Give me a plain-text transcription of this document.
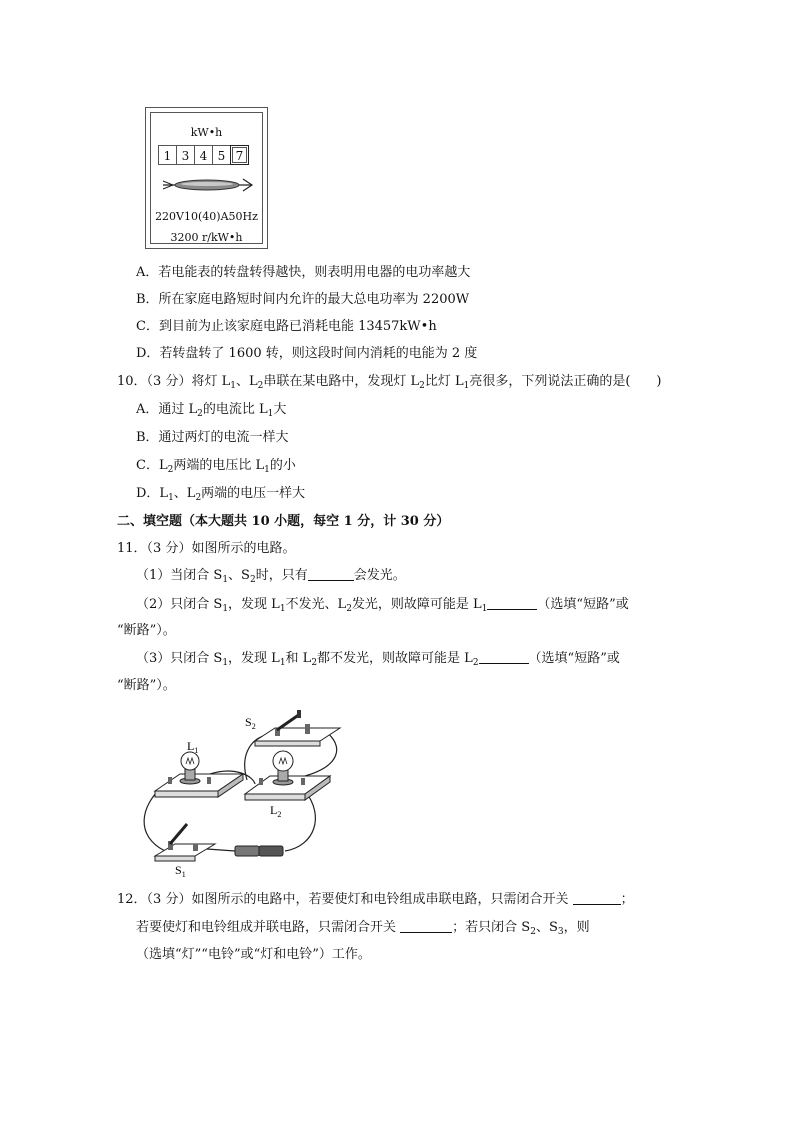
kW•h
1 3 4 5 7
220V10(40)A50Hz
3200 r/kW•h
A．若电能表的转盘转得越快，则表明用电器的电功率越大
B．所在家庭电路短时间内允许的最大总电功率为 2200W
C．到目前为止该家庭电路已消耗电能 13457kW•h
D．若转盘转了 1600 转，则这段时间内消耗的电能为 2 度
10．（3 分）将灯 $L_1$、$L_2$串联在某电路中，发现灯 $L_2$比灯 $L_1$亮很多，下列说法正确的是(　　)
A．通过 $L_2$的电流比 $L_1$大
B．通过两灯的电流一样大
C．$L_2$两端的电压比 $L_1$的小
D．$L_1$、$L_2$两端的电压一样大
二、填空题（本大题共 10 小题，每空 1 分，计 30 分）
11．（3 分）如图所示的电路。
（1）当闭合 $S_1$、$S_2$时，只有	会发光。
（2）只闭合 $S_1$，发现 $L_1$不发光、$L_2$发光，则故障可能是 $L_1$	（选填“短路”或
“断路”）。
（3）只闭合 $S_1$，发现 $L_1$和 $L_2$都不发光，则故障可能是 $L_2$	（选填“短路”或
“断路”）。
$S_2$
$L_1$
$L_2$
$S_1$
12．（3 分）如图所示的电路中，若要使灯和电铃组成串联电路，只需闭合开关	；
若要使灯和电铃组成并联电路，只需闭合开关	；若只闭合 $S_2$、$S_3$，则
（选填“灯”“电铃”或“灯和电铃”）工作。
